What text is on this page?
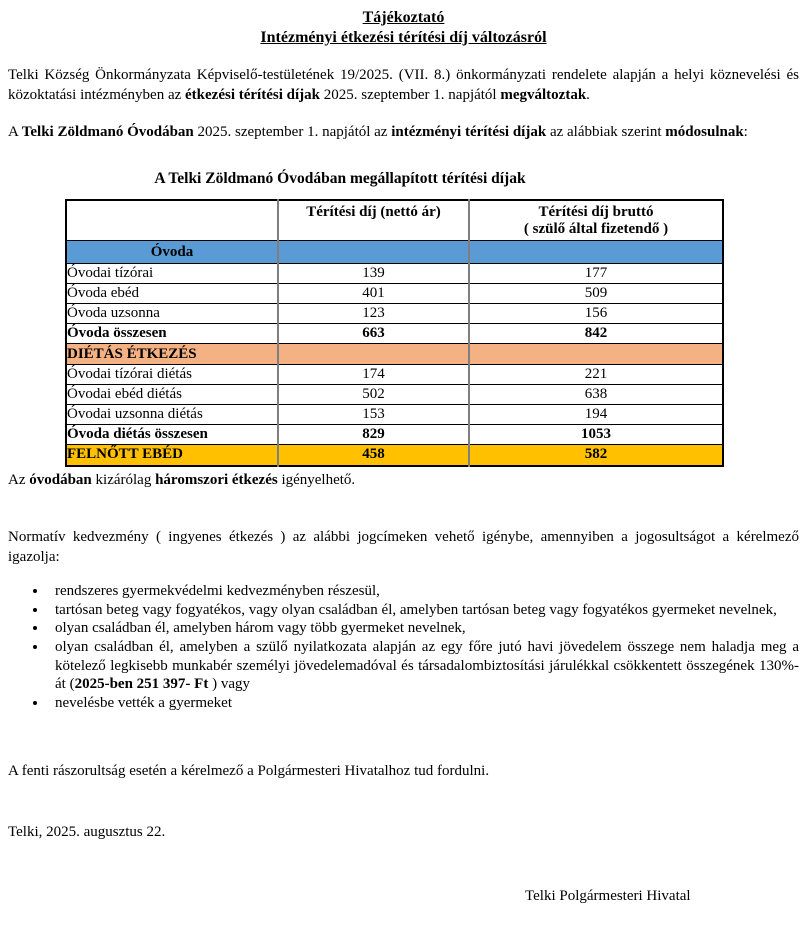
Tájékoztató
Intézményi étkezési térítési díj változásról

Telki Község Önkormányzata Képviselő-testületének 19/2025. (VII. 8.) önkormányzati rendelete alapján a helyi köznevelési és közoktatási intézményben az étkezési térítési díjak 2025. szeptember 1. napjától megváltoztak.

A Telki Zöldmanó Óvodában 2025. szeptember 1. napjától az intézményi térítési díjak az alábbiak szerint módosulnak:

A Telki Zöldmanó Óvodában megállapított térítési díjak
	Térítési díj (nettó ár)	Térítési díj bruttó
( szülő által fizetendő )

Óvoda		
Óvodai tízórai	139	177
Óvoda ebéd	401	509
Óvoda uzsonna	123	156
Óvoda összesen	663	842
DIÉTÁS ÉTKEZÉS		
Óvodai tízórai diétás	174	221
Óvodai ebéd diétás	502	638
Óvodai uzsonna diétás	153	194
Óvoda diétás összesen	829	1053
FELNŐTT EBÉD	458	582

Az óvodában kizárólag háromszori étkezés igényelhető.

Normatív kedvezmény ( ingyenes étkezés ) az alábbi jogcímeken vehető igénybe, amennyiben a jogosultságot a kérelmező igazolja:

• rendszeres gyermekvédelmi kedvezményben részesül,
• tartósan beteg vagy fogyatékos, vagy olyan családban él, amelyben tartósan beteg vagy fogyatékos gyermeket nevelnek,
• olyan családban él, amelyben három vagy több gyermeket nevelnek,
• olyan családban él, amelyben a szülő nyilatkozata alapján az egy főre jutó havi jövedelem összege nem haladja meg a kötelező legkisebb munkabér személyi jövedelemadóval és társadalombiztosítási járulékkal csökkentett összegének 130%-át (2025-ben 251 397- Ft ) vagy
• nevelésbe vették a gyermeket

A fenti rászorultság esetén a kérelmező a Polgármesteri Hivatalhoz tud fordulni.

Telki, 2025. augusztus 22.

Telki Polgármesteri Hivatal
